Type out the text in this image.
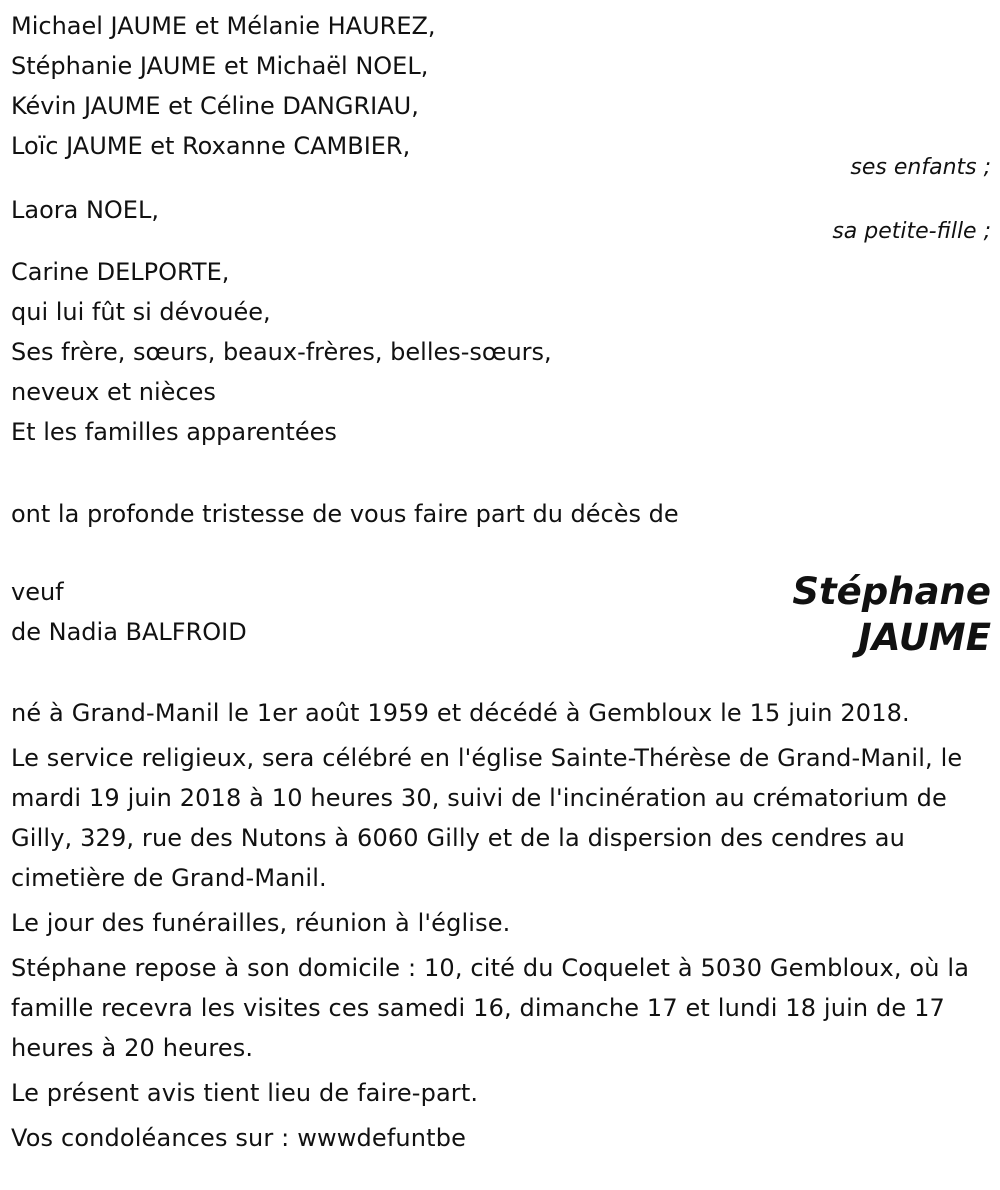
Michael JAUME et Mélanie HAUREZ,
Stéphanie JAUME et Michaël NOEL,
Kévin JAUME et Céline DANGRIAU,
Loïc JAUME et Roxanne CAMBIER,
ses enfants ;
Laora NOEL,
sa petite-fille ;
Carine DELPORTE,
qui lui fût si dévouée,
Ses frère, sœurs, beaux-frères, belles-sœurs,
neveux et nièces
Et les familles apparentées
ont la profonde tristesse de vous faire part du décès de
veuf
de Nadia BALFROID
Stéphane
JAUME

né à Grand-Manil le 1er août 1959 et décédé à Gembloux le 15 juin 2018.

Le service religieux, sera célébré en l'église Sainte-Thérèse de Grand-Manil, le mardi 19 juin 2018 à 10 heures 30, suivi de l'incinération au crématorium de Gilly, 329, rue des Nutons à 6060 Gilly et de la dispersion des cendres au cimetière de Grand-Manil.

Le jour des funérailles, réunion à l'église.

Stéphane repose à son domicile : 10, cité du Coquelet à 5030 Gembloux, où la famille recevra les visites ces samedi 16, dimanche 17 et lundi 18 juin de 17 heures à 20 heures.

Le présent avis tient lieu de faire-part.

Vos condoléances sur : wwwdefuntbe
